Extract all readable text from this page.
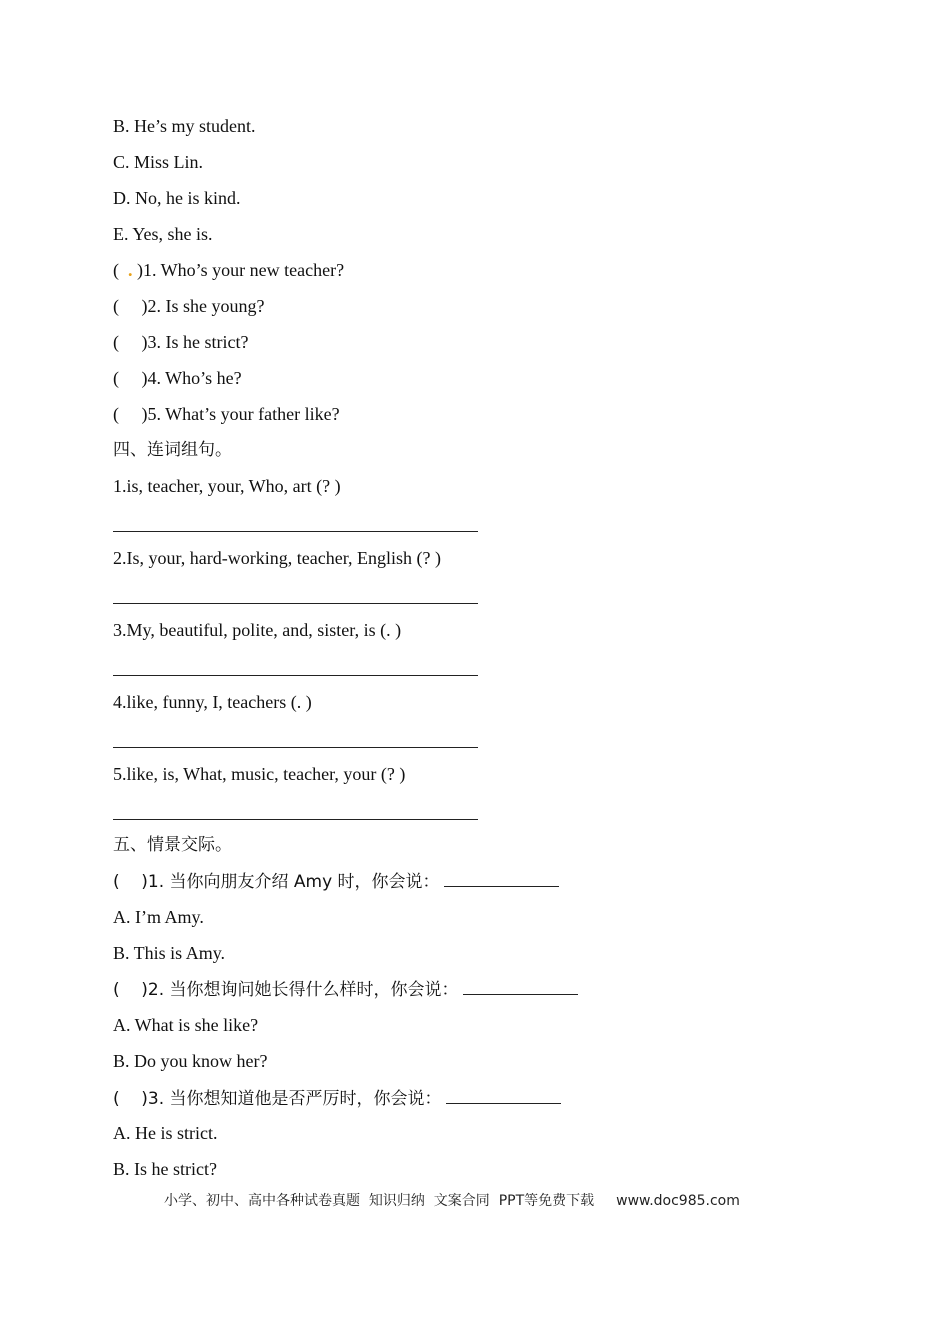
B. He’s my student.
C. Miss Lin.
D. No, he is kind.
E. Yes, she is.
(  . )1. Who’s your new teacher?
( )2. Is she young?
( )3. Is he strict?
( )4. Who’s he?
( )5. What’s your father like?
四、连词组句。
1.is, teacher, your, Who, art (? )
2.Is, your, hard-working, teacher, English (? )
3.My, beautiful, polite, and, sister, is (. )
4.like, funny, I, teachers (. )
5.like, is, What, music, teacher, your (? )
五、情景交际。
(    )1. 当你向朋友介绍 Amy 时，你会说：
A. I’m Amy.
B. This is Amy.
(    )2. 当你想询问她长得什么样时，你会说：
A. What is she like?
B. Do you know her?
(    )3. 当你想知道他是否严厉时，你会说：
A. He is strict.
B. Is he strict?
小学、初中、高中各种试卷真题  知识归纳  文案合同  PPT等免费下载 www.doc985.com
